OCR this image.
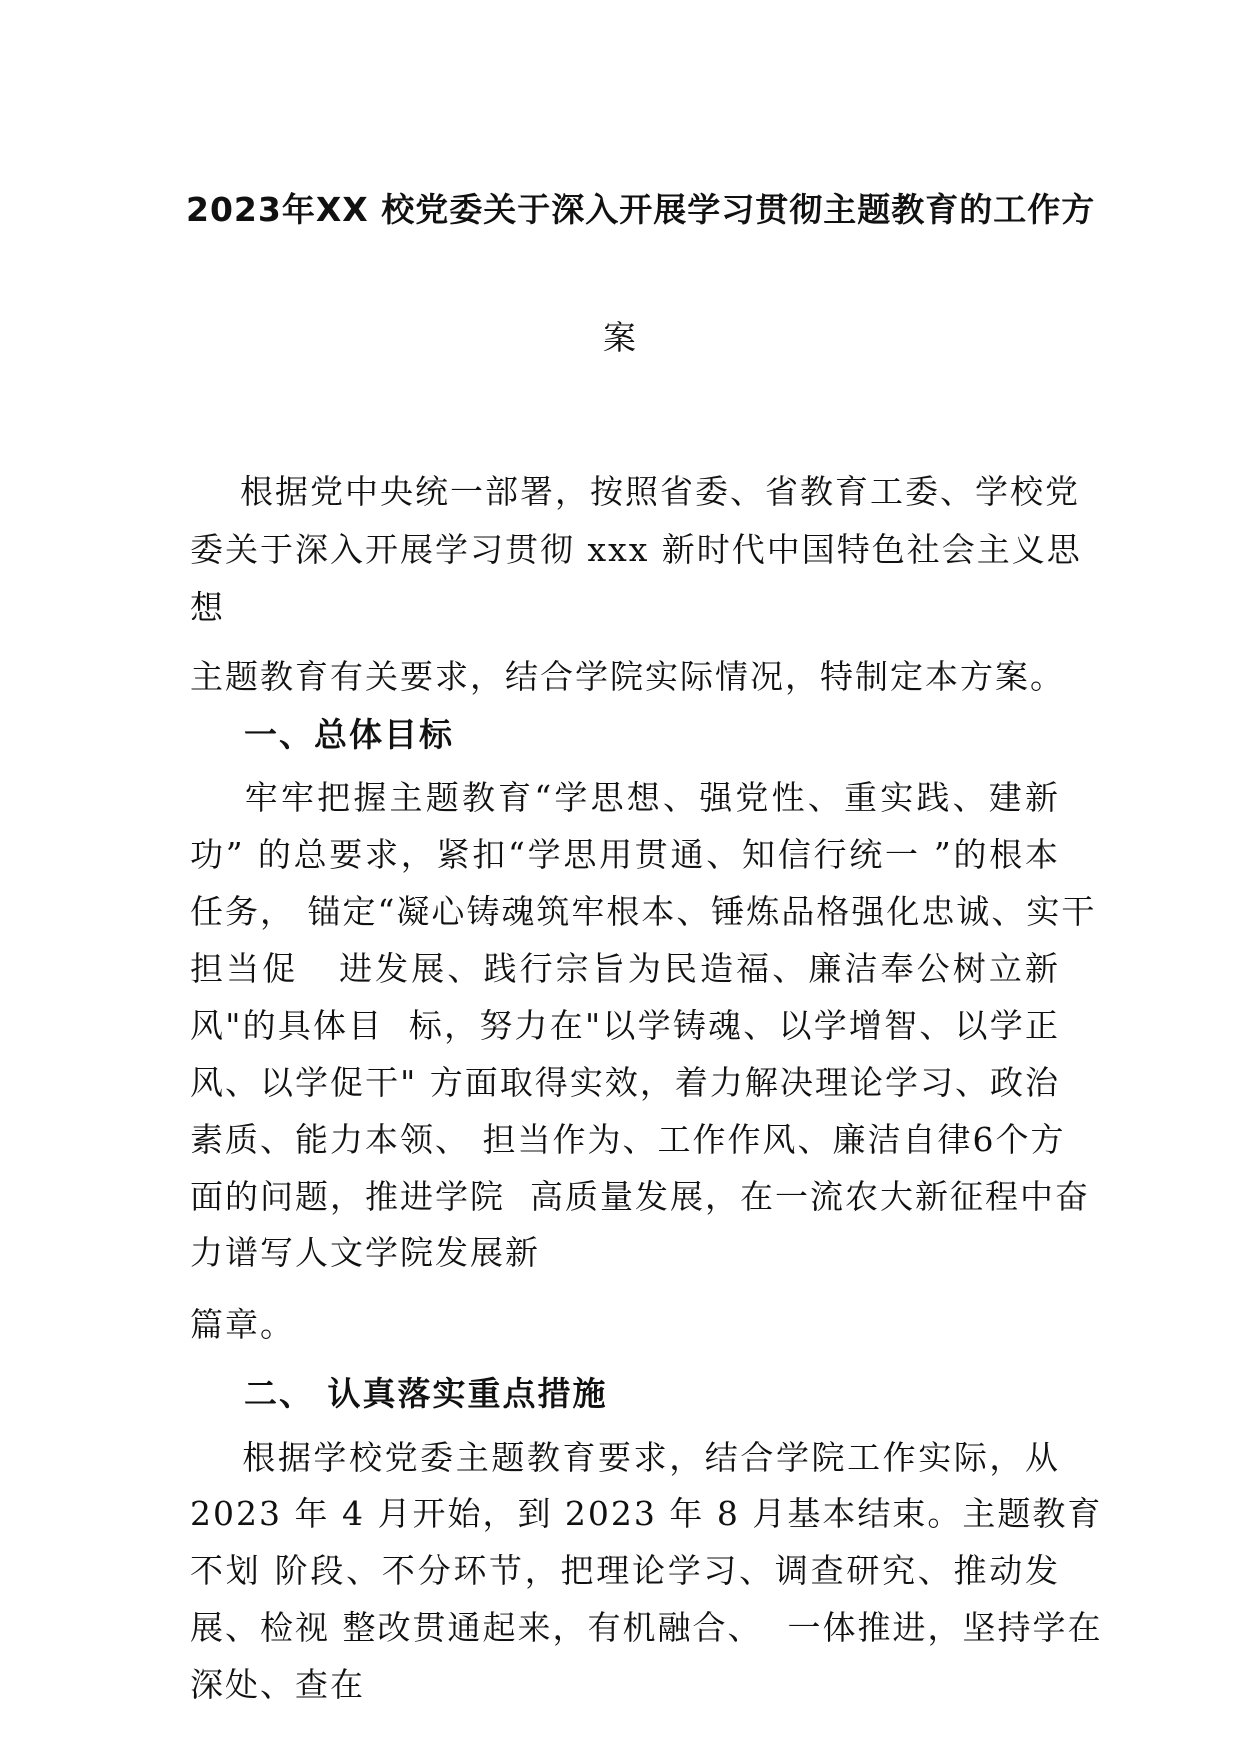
2023年XX 校党委关于深入开展学习贯彻主题教育的工作方
案
根据党中央统一部署，按照省委、省教育工委、学校党
委关于深入开展学习贯彻 xxx 新时代中国特色社会主义思
想
主题教育有关要求，结合学院实际情况，特制定本方案。
一、总体目标
牢牢把握主题教育“学思想、强党性、重实践、建新
功” 的总要求，紧扣“学思用贯通、知信行统一 ”的根本
任务， 锚定“凝心铸魂筑牢根本、锤炼品格强化忠诚、实干
担当促   进发展、践行宗旨为民造福、廉洁奉公树立新
风"的具体目  标，努力在"以学铸魂、以学增智、以学正
风、以学促干" 方面取得实效，着力解决理论学习、政治
素质、能力本领、 担当作为、工作作风、廉洁自律6个方
面的问题，推进学院  高质量发展，在一流农大新征程中奋
力谱写人文学院发展新
篇章。
二、 认真落实重点措施
根据学校党委主题教育要求，结合学院工作实际，从
2023 年 4 月开始，到 2023 年 8 月基本结束。主题教育
不划 阶段、不分环节，把理论学习、调查研究、推动发
展、检视 整改贯通起来，有机融合、  一体推进，坚持学在
深处、查在
